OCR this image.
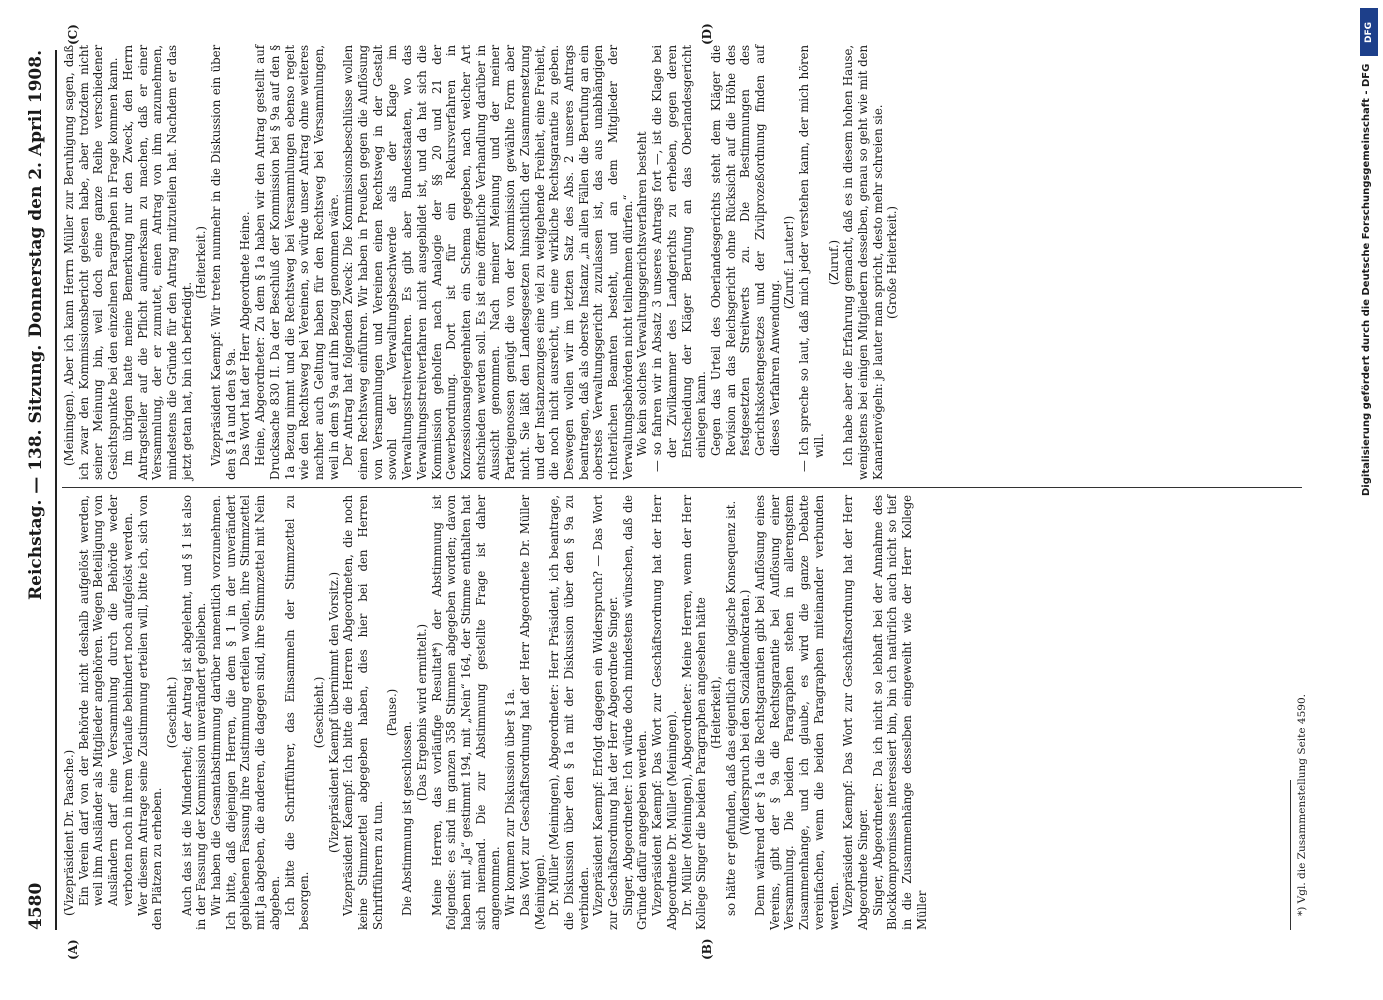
4580
Reichstag. — 138. Sitzung.
Donnerstag den 2. April 1908.
(A)	(B)
(C)	(D)

(Vizepräsident Dr. Paasche.) Ein Verein darf von der Behörde nicht deshalb aufgelöst werden, weil ihm Ausländer als Mitglieder angehören. Wegen Beteiligung von Ausländern darf eine Versammlung durch die Behörde weder verboten noch in ihrem Verlaufe behindert noch aufgelöst werden. Wer diesem Antrage seine Zustimmung erteilen will, bitte ich, sich von den Plätzen zu erheben.

(Geschieht.) Auch das ist die Minderheit; der Antrag ist abgelehnt, und § 1 ist also in der Fassung der Kommission unverändert geblieben. Wir haben die Gesamtabstimmung darüber namentlich vorzunehmen. Ich bitte, daß diejenigen Herren, die dem § 1 in der unverändert gebliebenen Fassung ihre Zustimmung erteilen wollen, ihre Stimmzettel mit Ja abgeben, die anderen, die dagegen sind, ihre Stimmzettel mit Nein abgeben. Ich bitte die Schriftführer, das Einsammeln der Stimmzettel zu besorgen.

(Geschieht.) (Vizepräsident Kaempf übernimmt den Vorsitz.) Vizepräsident Kaempf: Ich bitte die Herren Abgeordneten, die noch keine Stimmzettel abgegeben haben, dies hier bei den Herren Schriftführern zu tun.

(Pause.)

Die Abstimmung ist geschlossen.

(Das Ergebnis wird ermittelt.) Meine Herren, das vorläufige Resultat*) der Abstimmung ist folgendes: es sind im ganzen 358 Stimmen abgegeben worden; davon haben mit „Ja“ gestimmt 194, mit „Nein“ 164, der Stimme enthalten hat sich niemand. Die zur Abstimmung gestellte Frage ist daher angenommen. Wir kommen zur Diskussion über § 1a. Das Wort zur Geschäftsordnung hat der Herr Abgeordnete Dr. Müller (Meiningen). Dr. Müller (Meiningen), Abgeordneter: Herr Präsident, ich beantrage, die Diskussion über den § 1a mit der Diskussion über den § 9a zu verbinden. Vizepräsident Kaempf: Erfolgt dagegen ein Widerspruch? — Das Wort zur Geschäftsordnung hat der Herr Abgeordnete Singer. Singer, Abgeordneter: Ich würde doch mindestens wünschen, daß die Gründe dafür angegeben werden. Vizepräsident Kaempf: Das Wort zur Geschäftsordnung hat der Herr Abgeordnete Dr. Müller (Meiningen). Dr. Müller (Meiningen), Abgeordneter: Meine Herren, wenn der Herr Kollege Singer die beiden Paragraphen angesehen hätte (Heiterkeit), so hätte er gefunden, daß das eigentlich eine logische Konsequenz ist. (Widerspruch bei den Sozialdemokraten.) Denn während der § 1a die Rechtsgarantien gibt bei Auflösung eines Vereins, gibt der § 9a die Rechtsgarantie bei Auflösung einer Versammlung. Die beiden Paragraphen stehen in allerengstem Zusammenhange, und ich glaube, es wird die ganze Debatte vereinfachen, wenn die beiden Paragraphen miteinander verbunden werden. Vizepräsident Kaempf: Das Wort zur Geschäftsordnung hat der Herr Abgeordnete Singer. Singer, Abgeordneter: Da ich nicht so lebhaft bei der Annahme des Blockkompromisses interessiert bin, bin ich natürlich auch nicht so tief in die Zusammenhänge desselben eingeweiht wie der Herr Kollege Müller

(Meiningen). Aber ich kann Herrn Müller zur Beruhigung sagen, daß ich zwar den Kommissionsbericht gelesen habe, aber trotzdem nicht seiner Meinung bin, weil doch eine ganze Reihe verschiedener Gesichtspunkte bei den einzelnen Paragraphen in Frage kommen kann. Im übrigen hatte meine Bemerkung nur den Zweck, den Herrn Antragsteller auf die Pflicht aufmerksam zu machen, daß er einer Versammlung, der er zumutet, einen Antrag von ihm anzunehmen, mindestens die Gründe für den Antrag mitzuteilen hat. Nachdem er das jetzt getan hat, bin ich befriedigt.

(Heiterkeit.) Vizepräsident Kaempf: Wir treten nunmehr in die Diskussion ein über den § 1a und den § 9a. Das Wort hat der Herr Abgeordnete Heine. Heine, Abgeordneter: Zu dem § 1a haben wir den Antrag gestellt auf Drucksache 830 II. Da der Beschluß der Kommission bei § 9a auf den § 1a Bezug nimmt und die Rechtsweg bei Versammlungen ebenso regelt wie den Rechtsweg bei Vereinen, so würde unser Antrag ohne weiteres nachher auch Geltung haben für den Rechtsweg bei Versammlungen, weil in dem § 9a auf ihn Bezug genommen wäre. Der Antrag hat folgenden Zweck: Die Kommissionsbeschlüsse wollen einen Rechtsweg einführen. Wir haben in Preußen gegen die Auflösung von Versammlungen und Vereinen einen Rechtsweg in der Gestalt sowohl der Verwaltungsbeschwerde als der Klage im Verwaltungsstreitverfahren. Es gibt aber Bundesstaaten, wo das Verwaltungsstreitverfahren nicht ausgebildet ist, und da hat sich die Kommission geholfen nach Analogie der §§ 20 und 21 der Gewerbeordnung. Dort ist für ein Rekursverfahren in Konzessionsangelegenheiten ein Schema gegeben, nach welcher Art entschieden werden soll. Es ist eine öffentliche Verhandlung darüber in Aussicht genommen. Nach meiner Meinung und der meiner Parteigenossen genügt die von der Kommission gewählte Form aber nicht. Sie läßt den Landesgesetzen hinsichtlich der Zusammensetzung und der Instanzenzuges eine viel zu weitgehende Freiheit, eine Freiheit, die noch nicht ausreicht, um eine wirkliche Rechtsgarantie zu geben. Deswegen wollen wir im letzten Satz des Abs. 2 unseres Antrags beantragen, daß als oberste Instanz „in allen Fällen die Berufung an ein oberstes Verwaltungsgericht zuzulassen ist, das aus unabhängigen richterlichen Beamten besteht, und an dem Mitglieder der Verwaltungsbehörden nicht teilnehmen dürfen.“ Wo kein solches Verwaltungsgerichtsverfahren besteht — so fahren wir in Absatz 3 unseres Antrags fort —, ist die Klage bei der Zivilkammer des Landgerichts zu erheben, gegen deren Entscheidung der Kläger Berufung an das Oberlandesgericht einlegen kann. Gegen das Urteil des Oberlandesgerichts steht dem Kläger die Revision an das Reichsgericht ohne Rücksicht auf die Höhe des festgesetzten Streitwerts zu. Die Bestimmungen des Gerichtskostengesetzes und der Zivilprozeßordnung finden auf dieses Verfahren Anwendung.

(Zuruf: Lauter!) — Ich spreche so laut, daß mich jeder verstehen kann, der mich hören will.

(Zuruf.) Ich habe aber die Erfahrung gemacht, daß es in diesem hohen Hause, wenigstens bei einigen Mitgliedern desselben, genau so geht wie mit den Kanarienvögeln: je lauter man spricht, desto mehr schreien sie. (Große Heiterkeit.)

*) Vgl. die Zusammenstellung Seite 4590.
DFG
Digitalisierung gefördert durch die Deutsche Forschungsgemeinschaft - DFG
